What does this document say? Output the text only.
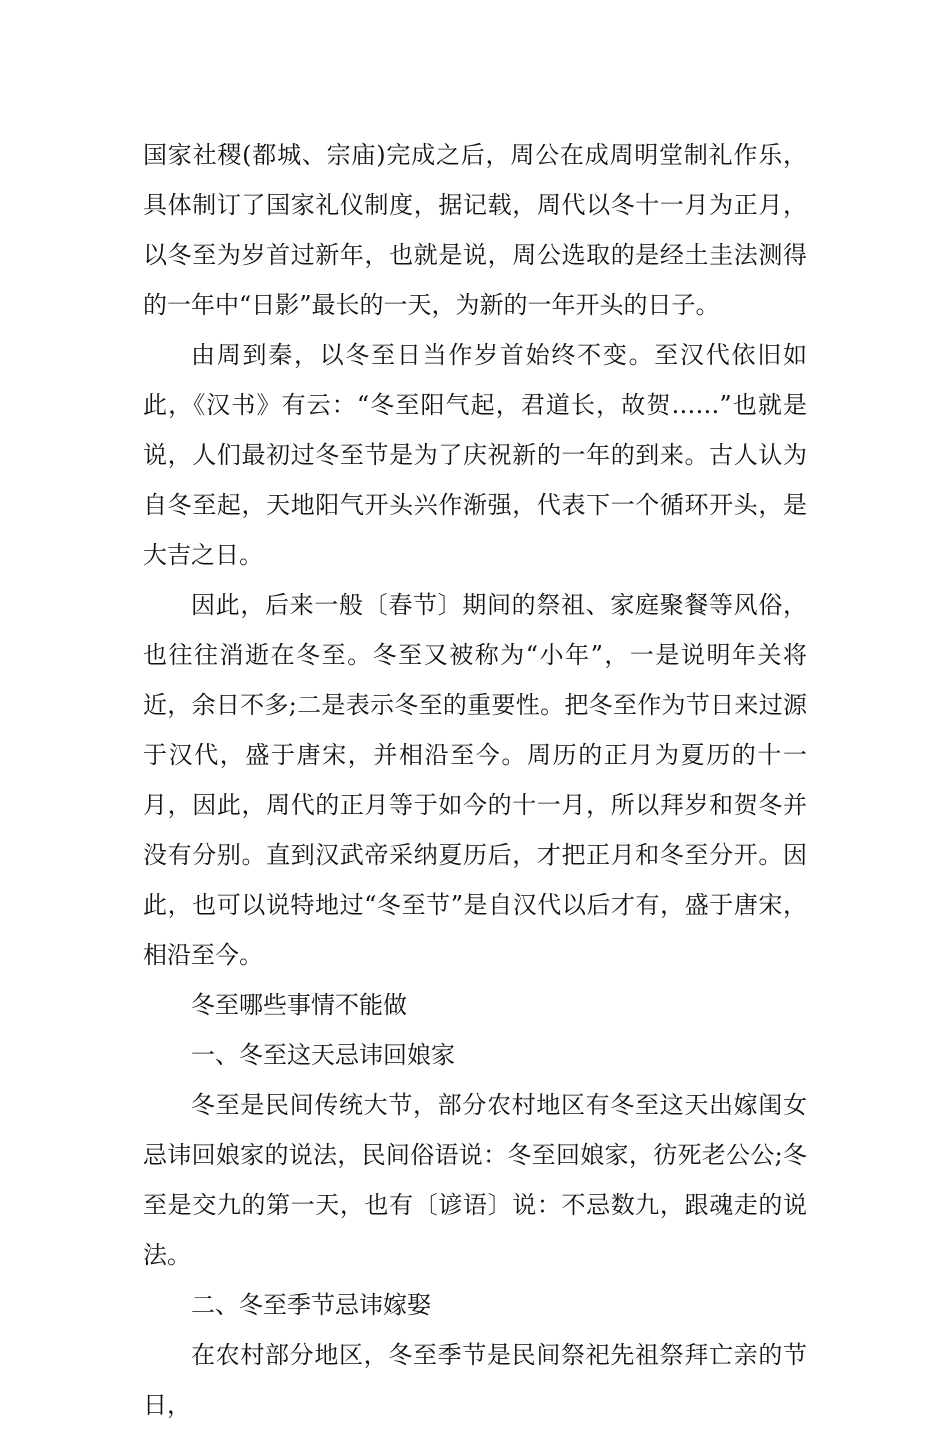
国家社稷(都城、宗庙)完成之后，周公在成周明堂制礼作乐，具体制订了国家礼仪制度，据记载，周代以冬十一月为正月，以冬至为岁首过新年，也就是说，周公选取的是经土圭法测得的一年中“日影”最长的一天，为新的一年开头的日子。

由周到秦，以冬至日当作岁首始终不变。至汉代依旧如此，《汉书》有云：“冬至阳气起，君道长，故贺……”也就是说，人们最初过冬至节是为了庆祝新的一年的到来。古人认为自冬至起，天地阳气开头兴作渐强，代表下一个循环开头，是大吉之日。

因此，后来一般〔春节〕期间的祭祖、家庭聚餐等风俗，也往往消逝在冬至。冬至又被称为“小年”，一是说明年关将近，余日不多;二是表示冬至的重要性。把冬至作为节日来过源于汉代，盛于唐宋，并相沿至今。周历的正月为夏历的十一月，因此，周代的正月等于如今的十一月，所以拜岁和贺冬并没有分别。直到汉武帝采纳夏历后，才把正月和冬至分开。因此，也可以说特地过“冬至节”是自汉代以后才有，盛于唐宋，相沿至今。

冬至哪些事情不能做

一、冬至这天忌讳回娘家

冬至是民间传统大节，部分农村地区有冬至这天出嫁闺女忌讳回娘家的说法，民间俗语说：冬至回娘家，彷死老公公;冬至是交九的第一天，也有〔谚语〕说：不忌数九，跟魂走的说法。

二、冬至季节忌讳嫁娶

在农村部分地区，冬至季节是民间祭祀先祖祭拜亡亲的节日，
